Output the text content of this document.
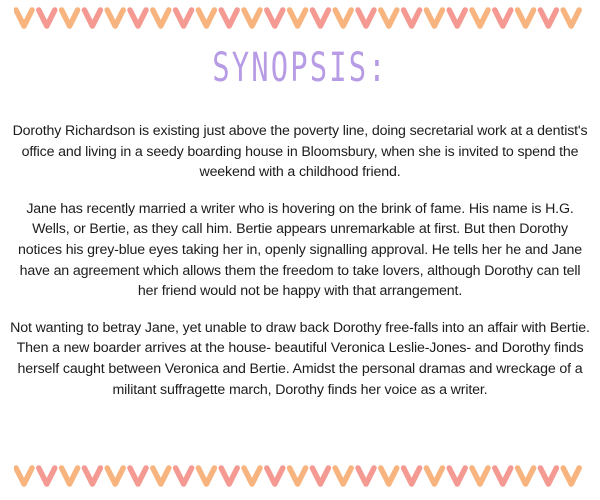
SYNOPSIS:

Dorothy Richardson is existing just above the poverty line, doing secretarial work at a dentist's office and living in a seedy boarding house in Bloomsbury, when she is invited to spend the weekend with a childhood friend.

Jane has recently married a writer who is hovering on the brink of fame. His name is H.G. Wells, or Bertie, as they call him. Bertie appears unremarkable at first. But then Dorothy notices his grey-blue eyes taking her in, openly signalling approval. He tells her he and Jane have an agreement which allows them the freedom to take lovers, although Dorothy can tell her friend would not be happy with that arrangement.

Not wanting to betray Jane, yet unable to draw back Dorothy free-falls into an affair with Bertie. Then a new boarder arrives at the house- beautiful Veronica Leslie-Jones- and Dorothy finds herself caught between Veronica and Bertie. Amidst the personal dramas and wreckage of a militant suffragette march, Dorothy finds her voice as a writer.
